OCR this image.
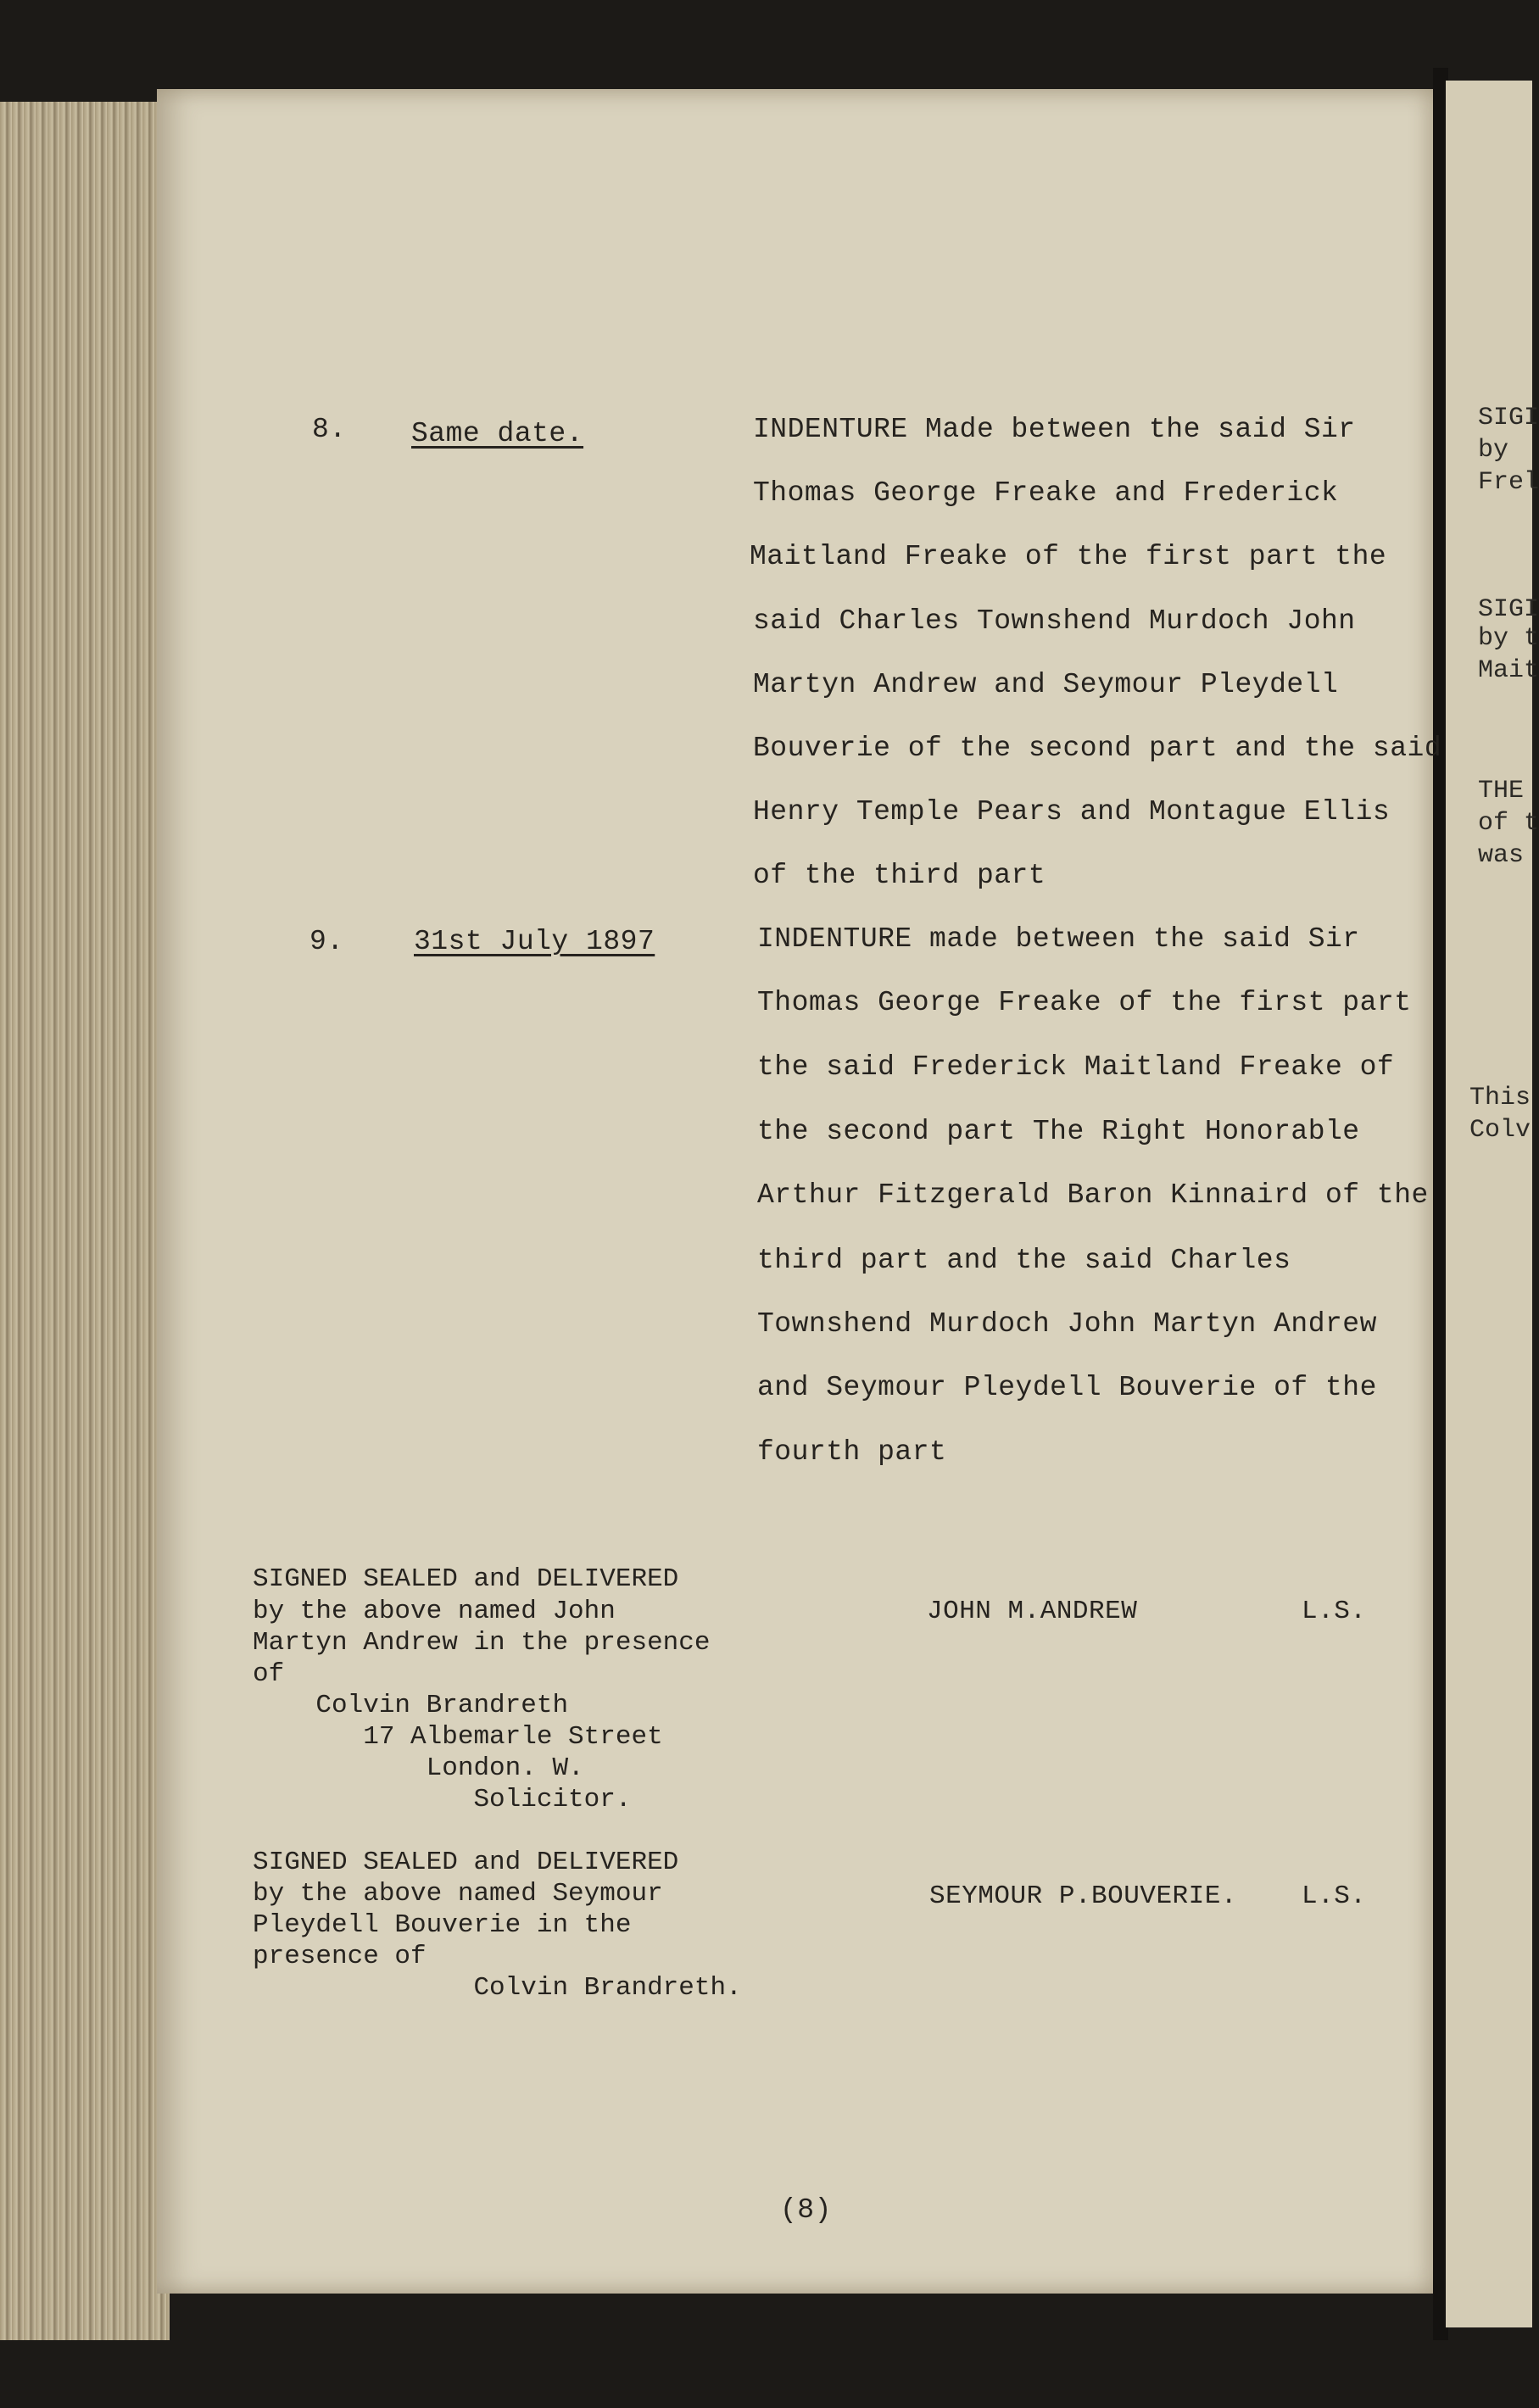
SIGI
by
Frel
SIGI
by t
Mait
THE
of t
was
This
Colv
8. Same date.	INDENTURE Made between the said Sir
Thomas George Freake and Frederick
Maitland Freake of the first part the
said Charles Townshend Murdoch John
Martyn Andrew and Seymour Pleydell
Bouverie of the second part and the said
Henry Temple Pears and Montague Ellis
of the third part
9. 31st July 1897	INDENTURE made between the said Sir
Thomas George Freake of the first part
the said Frederick Maitland Freake of
the second part The Right Honorable
Arthur Fitzgerald Baron Kinnaird of the
third part and the said Charles
Townshend Murdoch John Martyn Andrew
and Seymour Pleydell Bouverie of the
fourth part
SIGNED SEALED and DELIVERED
by the above named John
Martyn Andrew in the presence
of
Colvin Brandreth
17 Albemarle Street
London. W.
Solicitor.
JOHN M.ANDREW	L.S.
SIGNED SEALED and DELIVERED
by the above named Seymour
Pleydell Bouverie in the
presence of
Colvin Brandreth.
SEYMOUR P.BOUVERIE. L.S.
(8)
